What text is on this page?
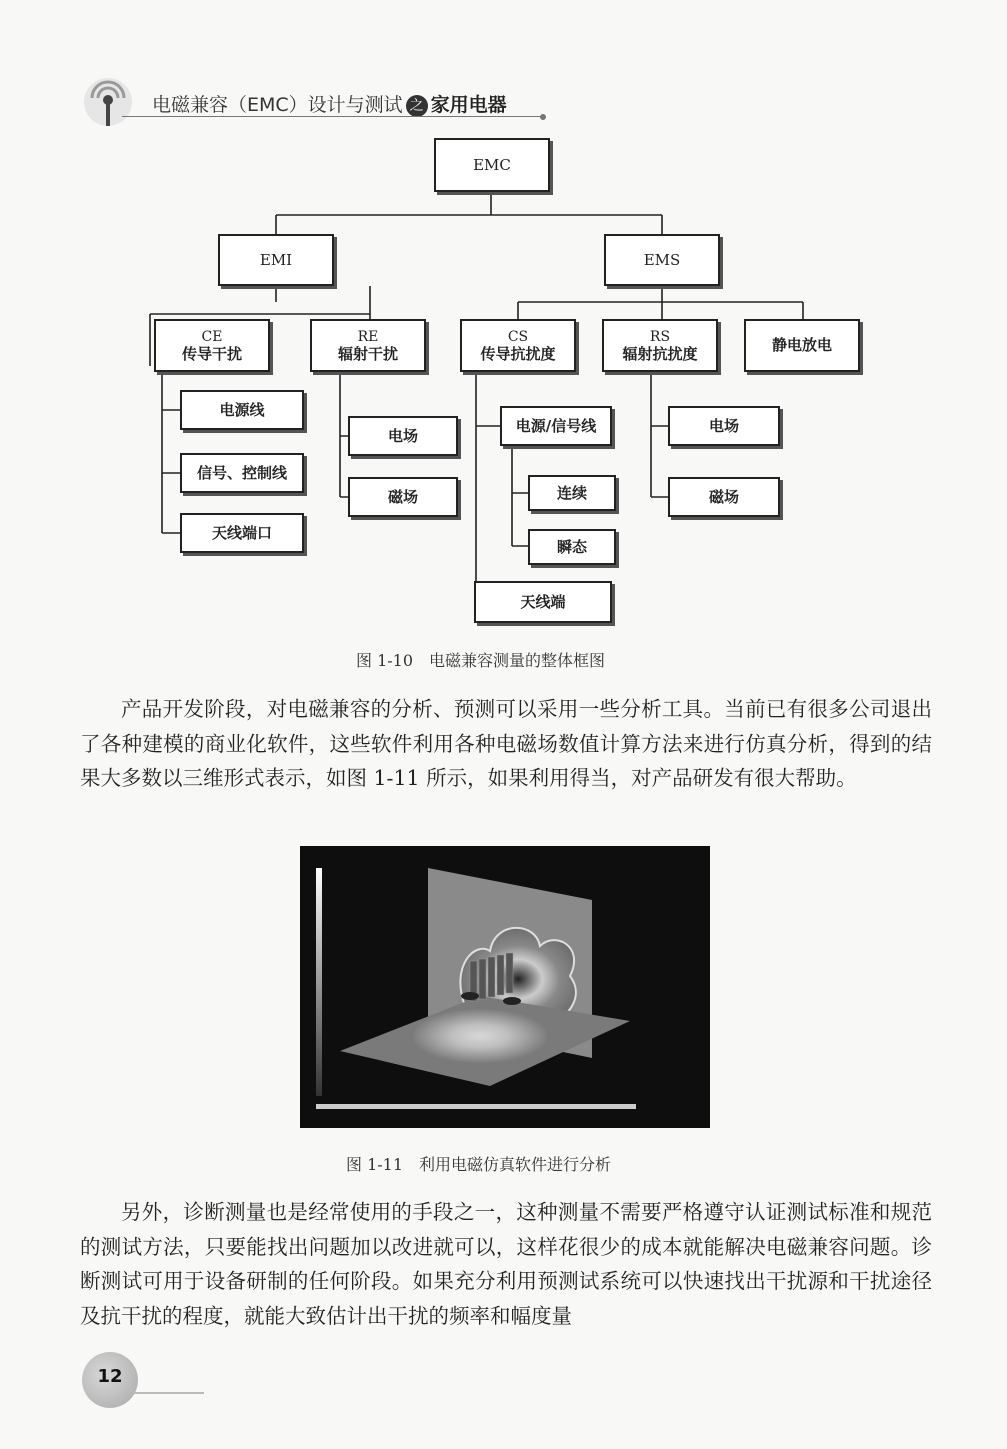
电磁兼容（EMC）设计与测试 之 家用电器
EMC
EMI	EMS
CE
传导干扰
RE
辐射干扰
CS
传导抗扰度
RS
辐射抗扰度	静电放电
电源线
信号、控制线
天线端口
电场
磁场
电源/信号线
连续
瞬态
天线端
电场
磁场
图 1-10　电磁兼容测量的整体框图

产品开发阶段，对电磁兼容的分析、预测可以采用一些分析工具。当前已有很多公司退出了各种建模的商业化软件，这些软件利用各种电磁场数值计算方法来进行仿真分析，得到的结果大多数以三维形式表示，如图 1-11 所示，如果利用得当，对产品研发有很大帮助。

图 1-11　利用电磁仿真软件进行分析

另外，诊断测量也是经常使用的手段之一，这种测量不需要严格遵守认证测试标准和规范的测试方法，只要能找出问题加以改进就可以，这样花很少的成本就能解决电磁兼容问题。诊断测试可用于设备研制的任何阶段。如果充分利用预测试系统可以快速找出干扰源和干扰途径及抗干扰的程度，就能大致估计出干扰的频率和幅度量

12
